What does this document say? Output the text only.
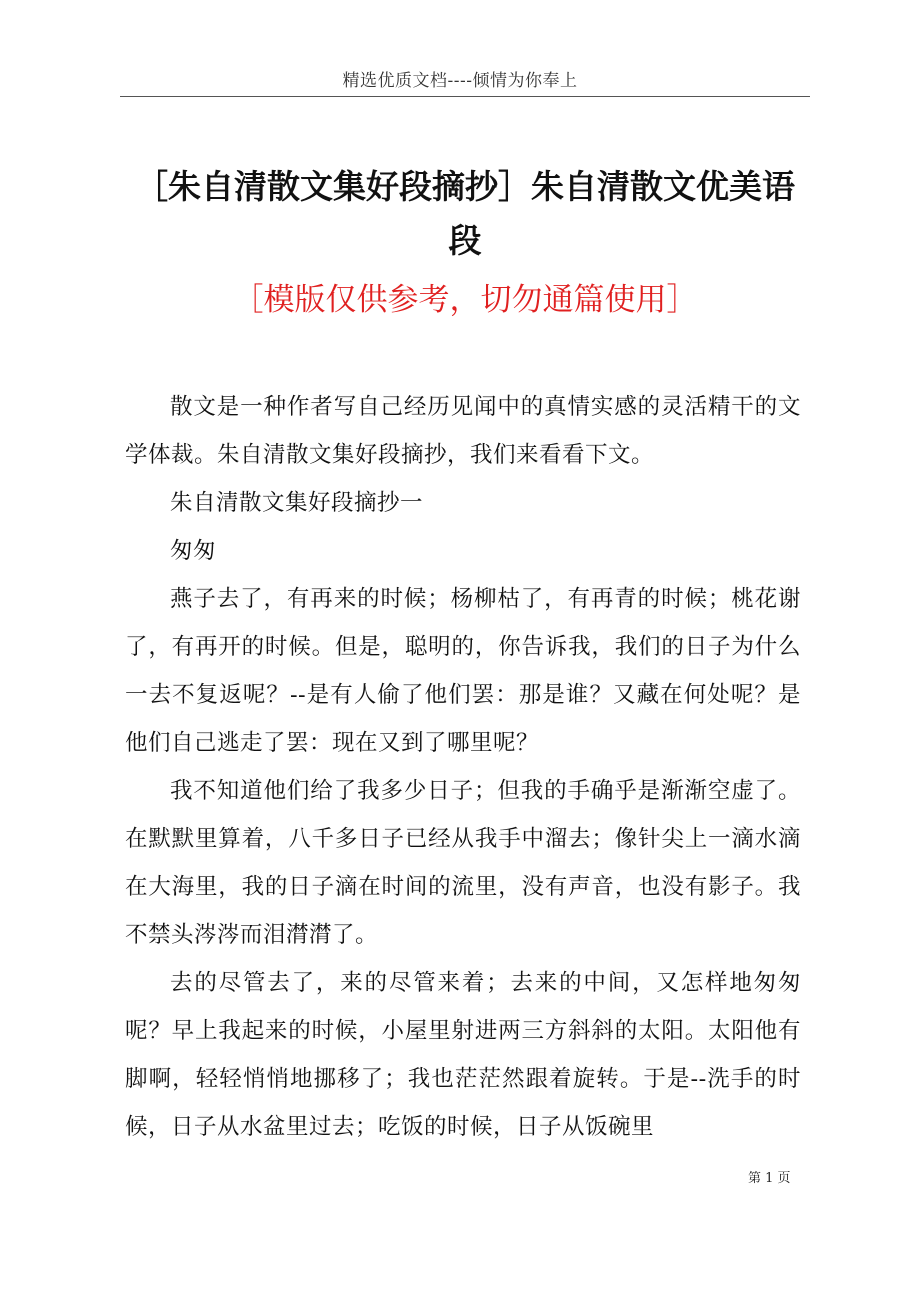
精选优质文档----倾情为你奉上
［朱自清散文集好段摘抄］朱自清散文优美语段
［模版仅供参考，切勿通篇使用］

散文是一种作者写自己经历见闻中的真情实感的灵活精干的文学体裁。朱自清散文集好段摘抄，我们来看看下文。

朱自清散文集好段摘抄一

匆匆

燕子去了，有再来的时候；杨柳枯了，有再青的时候；桃花谢了，有再开的时候。但是，聪明的，你告诉我，我们的日子为什么一去不复返呢？--是有人偷了他们罢：那是谁？又藏在何处呢？是他们自己逃走了罢：现在又到了哪里呢？

我不知道他们给了我多少日子；但我的手确乎是渐渐空虚了。在默默里算着，八千多日子已经从我手中溜去；像针尖上一滴水滴在大海里，我的日子滴在时间的流里，没有声音，也没有影子。我不禁头涔涔而泪潸潸了。

去的尽管去了，来的尽管来着；去来的中间，又怎样地匆匆呢？早上我起来的时候，小屋里射进两三方斜斜的太阳。太阳他有脚啊，轻轻悄悄地挪移了；我也茫茫然跟着旋转。于是--洗手的时候，日子从水盆里过去；吃饭的时候，日子从饭碗里

第 1 页
